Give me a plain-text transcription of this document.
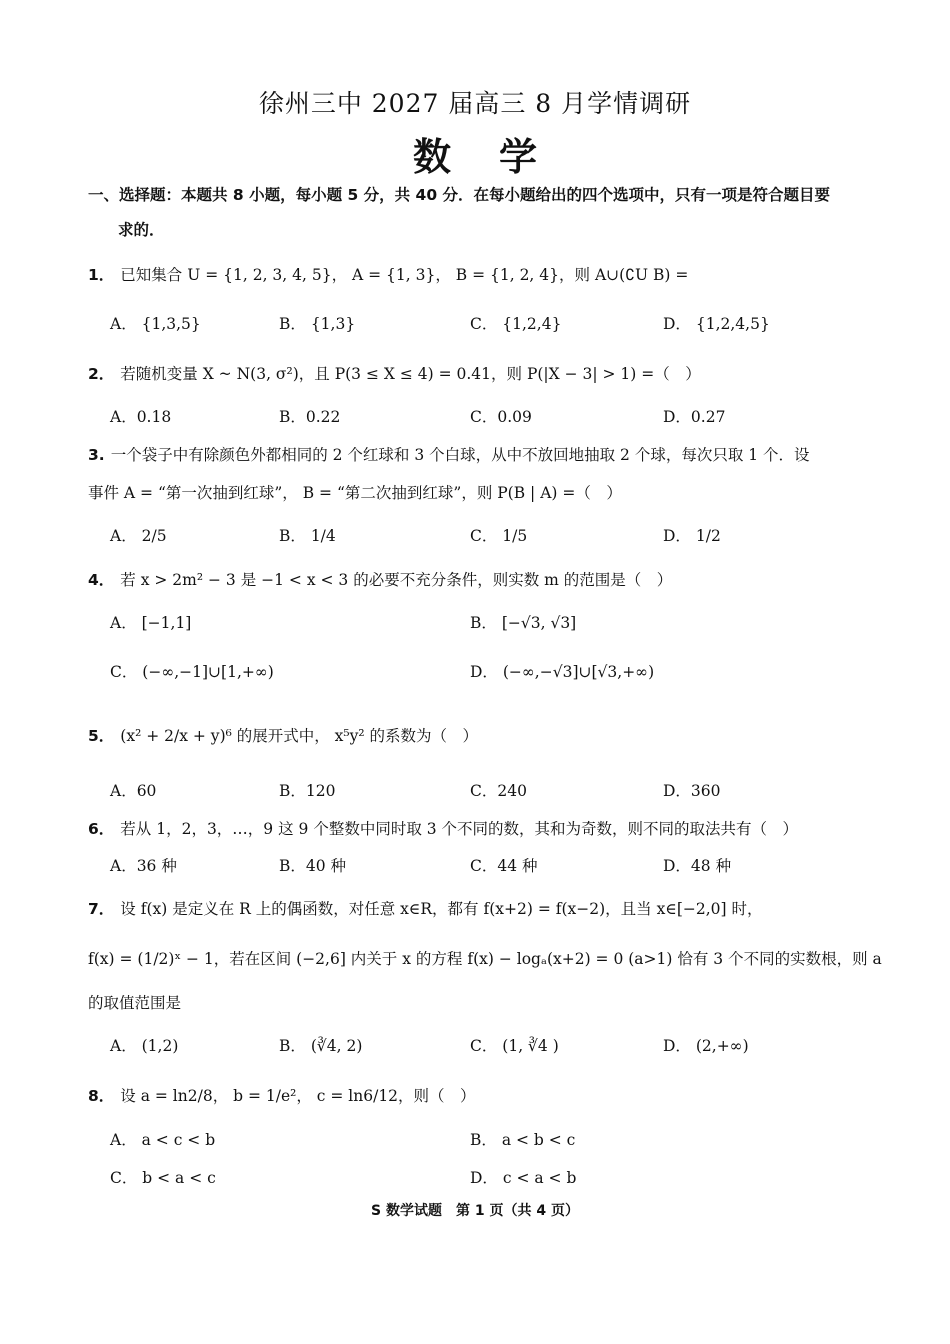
徐州三中 2027 届高三 8 月学情调研
数学
一、选择题：本题共 8 小题，每小题 5 分，共 40 分．在每小题给出的四个选项中，只有一项是符合题目要
求的．
1． 已知集合 U = {1, 2, 3, 4, 5}， A = {1, 3}， B = {1, 2, 4}，则 A∪(∁U B) =
A． {1,3,5}	B． {1,3}	C． {1,2,4}	D． {1,2,4,5}
2． 若随机变量 X ~ N(3, σ²)，且 P(3 ≤ X ≤ 4) = 0.41，则 P(|X − 3| > 1) =（　）
A．0.18	B．0.22	C．0.09	D．0.27
3. 一个袋子中有除颜色外都相同的 2 个红球和 3 个白球，从中不放回地抽取 2 个球，每次只取 1 个．设
事件 A = “第一次抽到红球”， B = “第二次抽到红球”，则 P(B | A) =（　）
A． 2/5	B． 1/4	C． 1/5	D． 1/2
4． 若 x > 2m² − 3 是 −1 < x < 3 的必要不充分条件，则实数 m 的范围是（　）
A． [−1,1]	B． [−√3, √3]
C． (−∞,−1]∪[1,+∞)	D． (−∞,−√3]∪[√3,+∞)
5． (x² + 2/x + y)⁶ 的展开式中， x⁵y² 的系数为（　）
A．60	B．120	C．240	D．360
6． 若从 1，2，3，…，9 这 9 个整数中同时取 3 个不同的数，其和为奇数，则不同的取法共有（　）
A．36 种	B．40 种	C．44 种	D．48 种
7． 设 f(x) 是定义在 R 上的偶函数，对任意 x∈R，都有 f(x+2) = f(x−2)，且当 x∈[−2,0] 时，
f(x) = (1/2)ˣ − 1，若在区间 (−2,6] 内关于 x 的方程 f(x) − logₐ(x+2) = 0 (a>1) 恰有 3 个不同的实数根，则 a
的取值范围是
A． (1,2)	B． (∛4, 2)	C． (1, ∛4 )	D． (2,+∞)
8． 设 a = ln2/8， b = 1/e²， c = ln6/12，则（　）
A． a < c < b	B． a < b < c
C． b < a < c	D． c < a < b
S 数学试题　第 1 页（共 4 页）
